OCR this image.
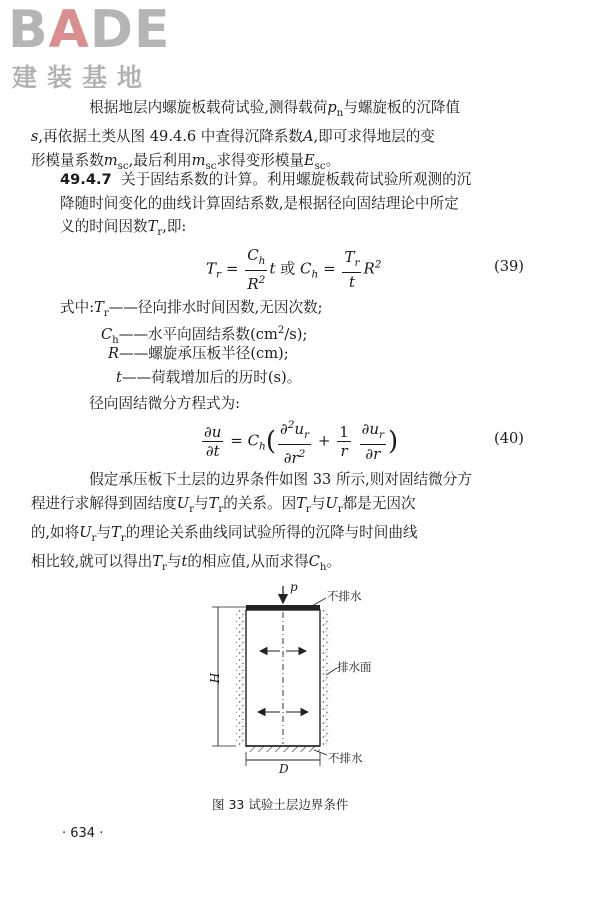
BADE
建装基地
根据地层内螺旋板载荷试验,测得载荷$p_n$与螺旋板的沉降值
s,再依据土类从图 49.4.6 中查得沉降系数A,即可求得地层的变
形模量系数$m_{sc}$,最后利用$m_{sc}$求得变形模量$E_{sc}$。
49.4.7 关于固结系数的计算。利用螺旋板载荷试验所观测的沉
降随时间变化的曲线计算固结系数,是根据径向固结理论中所定
义的时间因数$T_r$,即:
$T_r = \frac{C_h}{R^2}$ t 或 $C_h = \frac{T_r}{t} R^2$	(39)
式中$:T_r——$径向排水时间因数,无因次数;
$C_h——$水平向固结系数$(cm^2/s)$;
R——螺旋承压板半径(cm);
t——荷载增加后的历时(s)。
径向固结微分方程式为:
$\frac{\partial u}{\partial t} = C_h( \frac{\partial^2u_r}{\partial r^2} + \frac{1}{r}$
$\frac{\partial u_r}{\partial r}$ )	(40)
假定承压板下土层的边界条件如图 33 所示,则对固结微分方
程进行求解得到固结度$U_r$与$T_r$的关系。因$T_r$与$U_r$都是无因次
的,如将$U_r$与$T_r$的理论关系曲线同试验所得的沉降与时间曲线
相比较,就可以得出$T_r$与t的相应值,从而求得$C_h$。
p
不排水
排水面
不排水
H
D
图 33 试验土层边界条件
· 634 ·
